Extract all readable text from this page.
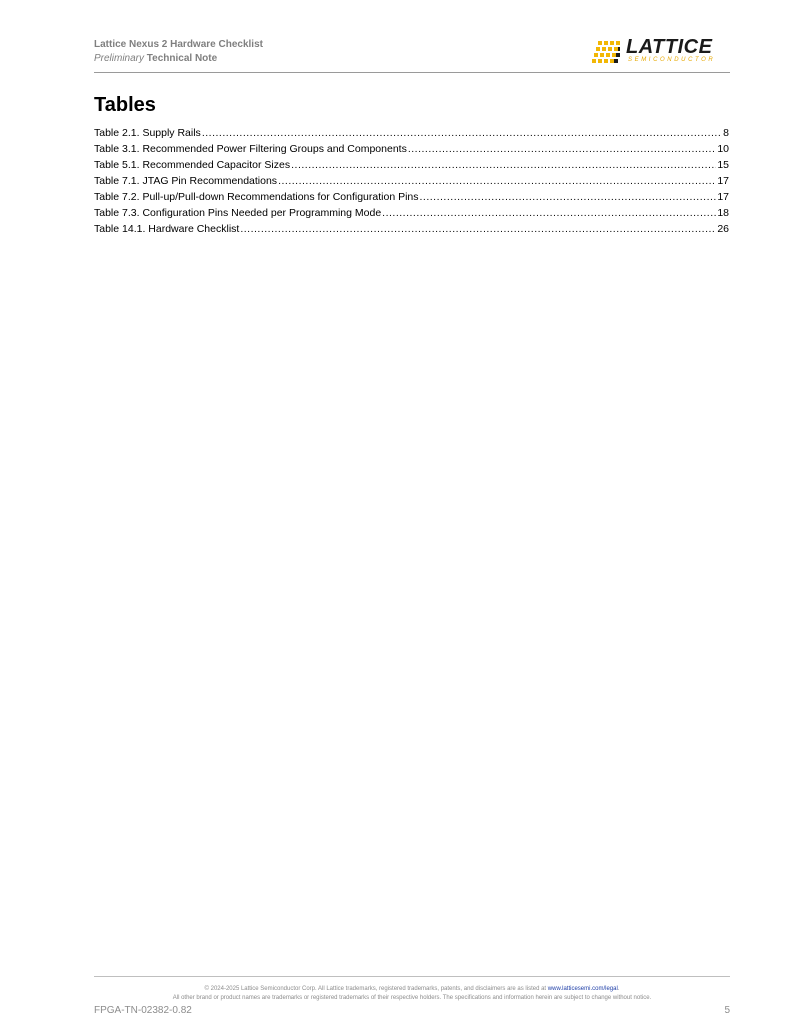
Lattice Nexus 2 Hardware Checklist
Preliminary Technical Note
LATTICE
SEMICONDUCTOR
Tables
Table 2.1. Supply Rails .....	8
Table 3.1. Recommended Power Filtering Groups and Components .....	10
Table 5.1. Recommended Capacitor Sizes .....	15
Table 7.1. JTAG Pin Recommendations .....	17
Table 7.2. Pull-up/Pull-down Recommendations for Configuration Pins .....	17
Table 7.3. Configuration Pins Needed per Programming Mode .....	18
Table 14.1. Hardware Checklist .....	26
© 2024-2025 Lattice Semiconductor Corp. All Lattice trademarks, registered trademarks, patents, and disclaimers are as listed at www.latticesemi.com/legal.
All other brand or product names are trademarks or registered trademarks of their respective holders. The specifications and information herein are subject to change without notice.
FPGA-TN-02382-0.82	5
